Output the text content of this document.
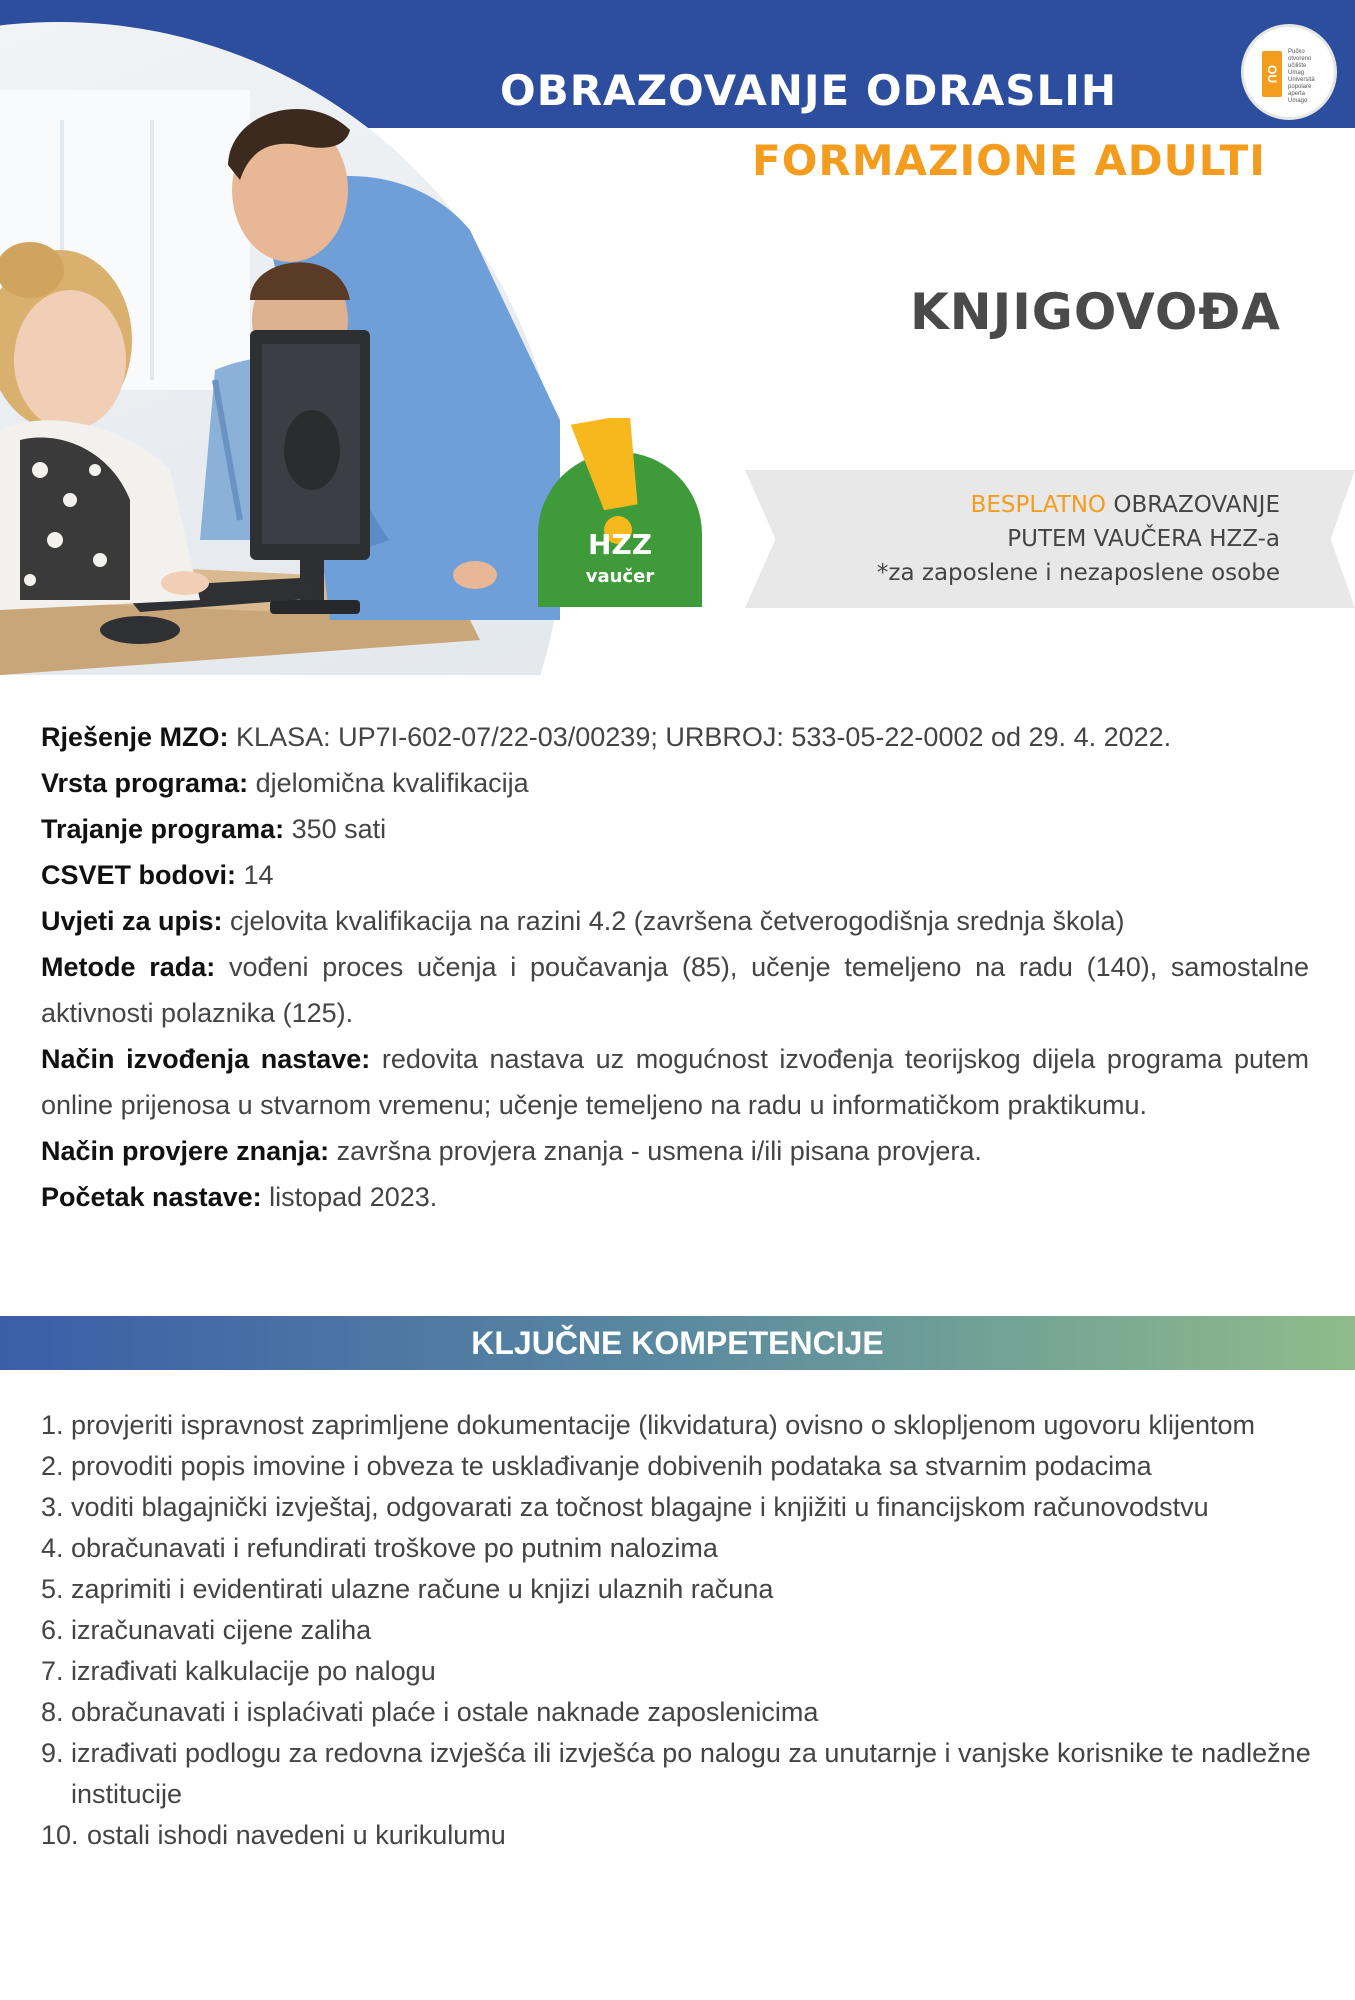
OU
Pučko
otvoreno
učilište
Umag
Università
popolare
aperta
Umago
OBRAZOVANJE ODRASLIH
FORMAZIONE ADULTI
KNJIGOVOĐA
BESPLATNO OBRAZOVANJE
PUTEM VAUČERA HZZ-a
*za zaposlene i nezaposlene osobe
HZZ
vaučer

Rješenje MZO: KLASA: UP7I-602-07/22-03/00239; URBROJ: 533-05-22-0002 od 29. 4. 2022.

Vrsta programa: djelomična kvalifikacija

Trajanje programa: 350 sati

CSVET bodovi: 14

Uvjeti za upis: cjelovita kvalifikacija na razini 4.2 (završena četverogodišnja srednja škola)

Metode rada: vođeni proces učenja i poučavanja (85), učenje temeljeno na radu (140), samostalne aktivnosti polaznika (125).

Način izvođenja nastave: redovita nastava uz mogućnost izvođenja teorijskog dijela programa putem online prijenosa u stvarnom vremenu; učenje temeljeno na radu u informatičkom praktikumu.

Način provjere znanja: završna provjera znanja - usmena i/ili pisana provjera.

Početak nastave: listopad 2023.

KLJUČNE KOMPETENCIJE
1. provjeriti ispravnost zaprimljene dokumentacije (likvidatura) ovisno o sklopljenom ugovoru klijentom
2. provoditi popis imovine i obveza te usklađivanje dobivenih podataka sa stvarnim podacima
3. voditi blagajnički izvještaj, odgovarati za točnost blagajne i knjižiti u financijskom računovodstvu
4. obračunavati i refundirati troškove po putnim nalozima
5. zaprimiti i evidentirati ulazne račune u knjizi ulaznih računa
6. izračunavati cijene zaliha
7. izrađivati kalkulacije po nalogu
8. obračunavati i isplaćivati plaće i ostale naknade zaposlenicima
9. izrađivati podlogu za redovna izvješća ili izvješća po nalogu za unutarnje i vanjske korisnike te nadležne institucije
10. ostali ishodi navedeni u kurikulumu
